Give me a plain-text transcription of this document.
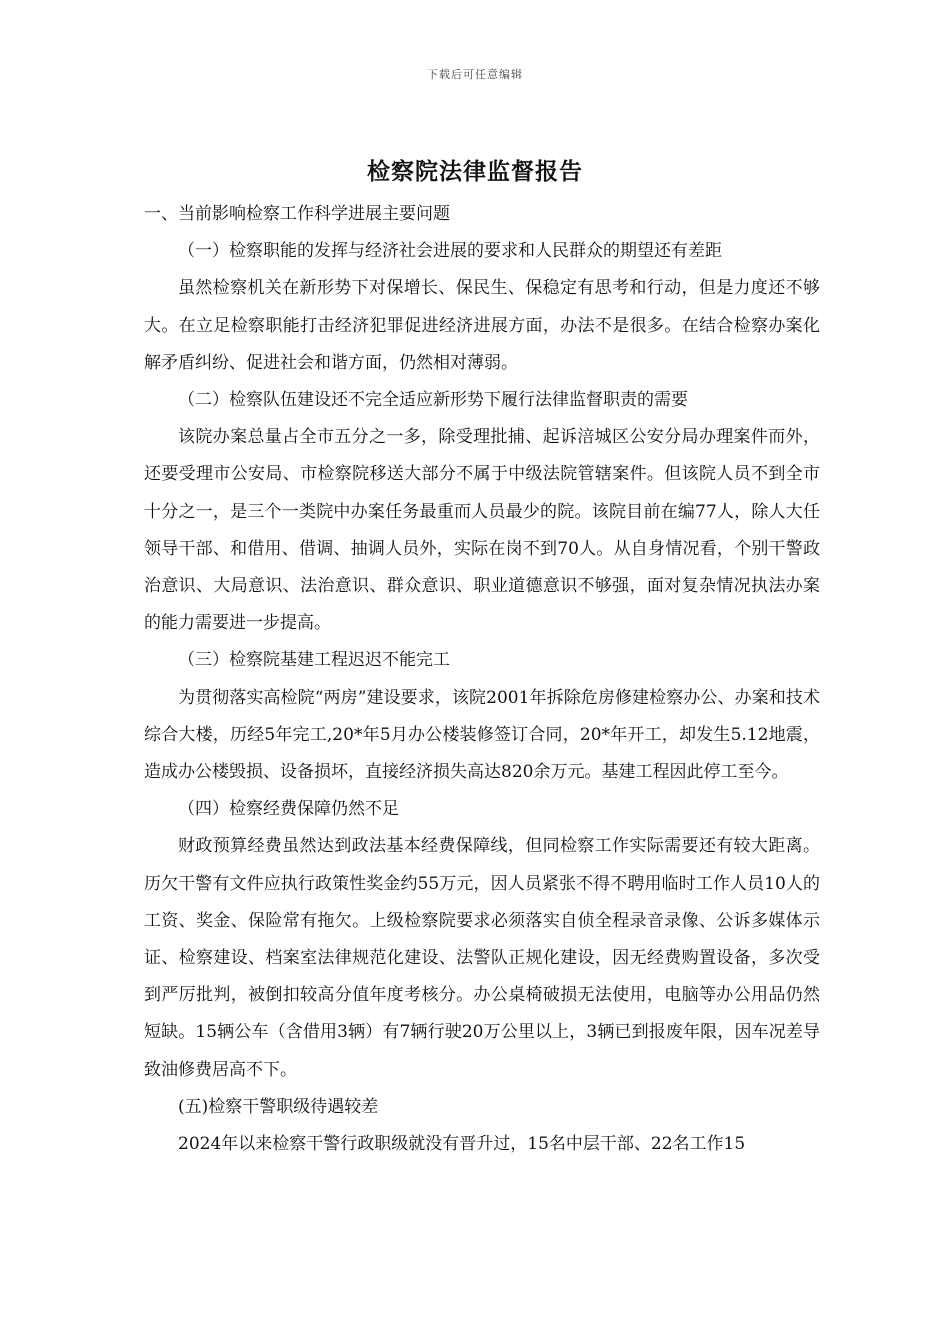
下载后可任意编辑
检察院法律监督报告

一、当前影响检察工作科学进展主要问题

（一）检察职能的发挥与经济社会进展的要求和人民群众的期望还有差距

虽然检察机关在新形势下对保增长、保民生、保稳定有思考和行动，但是力度还不够大。在立足检察职能打击经济犯罪促进经济进展方面，办法不是很多。在结合检察办案化解矛盾纠纷、促进社会和谐方面，仍然相对薄弱。

（二）检察队伍建设还不完全适应新形势下履行法律监督职责的需要

该院办案总量占全市五分之一多，除受理批捕、起诉涪城区公安分局办理案件而外，还要受理市公安局、市检察院移送大部分不属于中级法院管辖案件。但该院人员不到全市十分之一，是三个一类院中办案任务最重而人员最少的院。该院目前在编77人，除人大任领导干部、和借用、借调、抽调人员外，实际在岗不到70人。从自身情况看，个别干警政治意识、大局意识、法治意识、群众意识、职业道德意识不够强，面对复杂情况执法办案的能力需要进一步提高。

（三）检察院基建工程迟迟不能完工

为贯彻落实高检院“两房”建设要求，该院2001年拆除危房修建检察办公、办案和技术综合大楼，历经5年完工,20*年5月办公楼装修签订合同，20*年开工，却发生5.12地震，造成办公楼毁损、设备损坏，直接经济损失高达820余万元。基建工程因此停工至今。

（四）检察经费保障仍然不足

财政预算经费虽然达到政法基本经费保障线，但同检察工作实际需要还有较大距离。历欠干警有文件应执行政策性奖金约55万元，因人员紧张不得不聘用临时工作人员10人的工资、奖金、保险常有拖欠。上级检察院要求必须落实自侦全程录音录像、公诉多媒体示证、检察建设、档案室法律规范化建设、法警队正规化建设，因无经费购置设备，多次受到严厉批判，被倒扣较高分值年度考核分。办公桌椅破损无法使用，电脑等办公用品仍然短缺。15辆公车（含借用3辆）有7辆行驶20万公里以上，3辆已到报废年限，因车况差导致油修费居高不下。

(五)检察干警职级待遇较差

2024年以来检察干警行政职级就没有晋升过，15名中层干部、22名工作15
